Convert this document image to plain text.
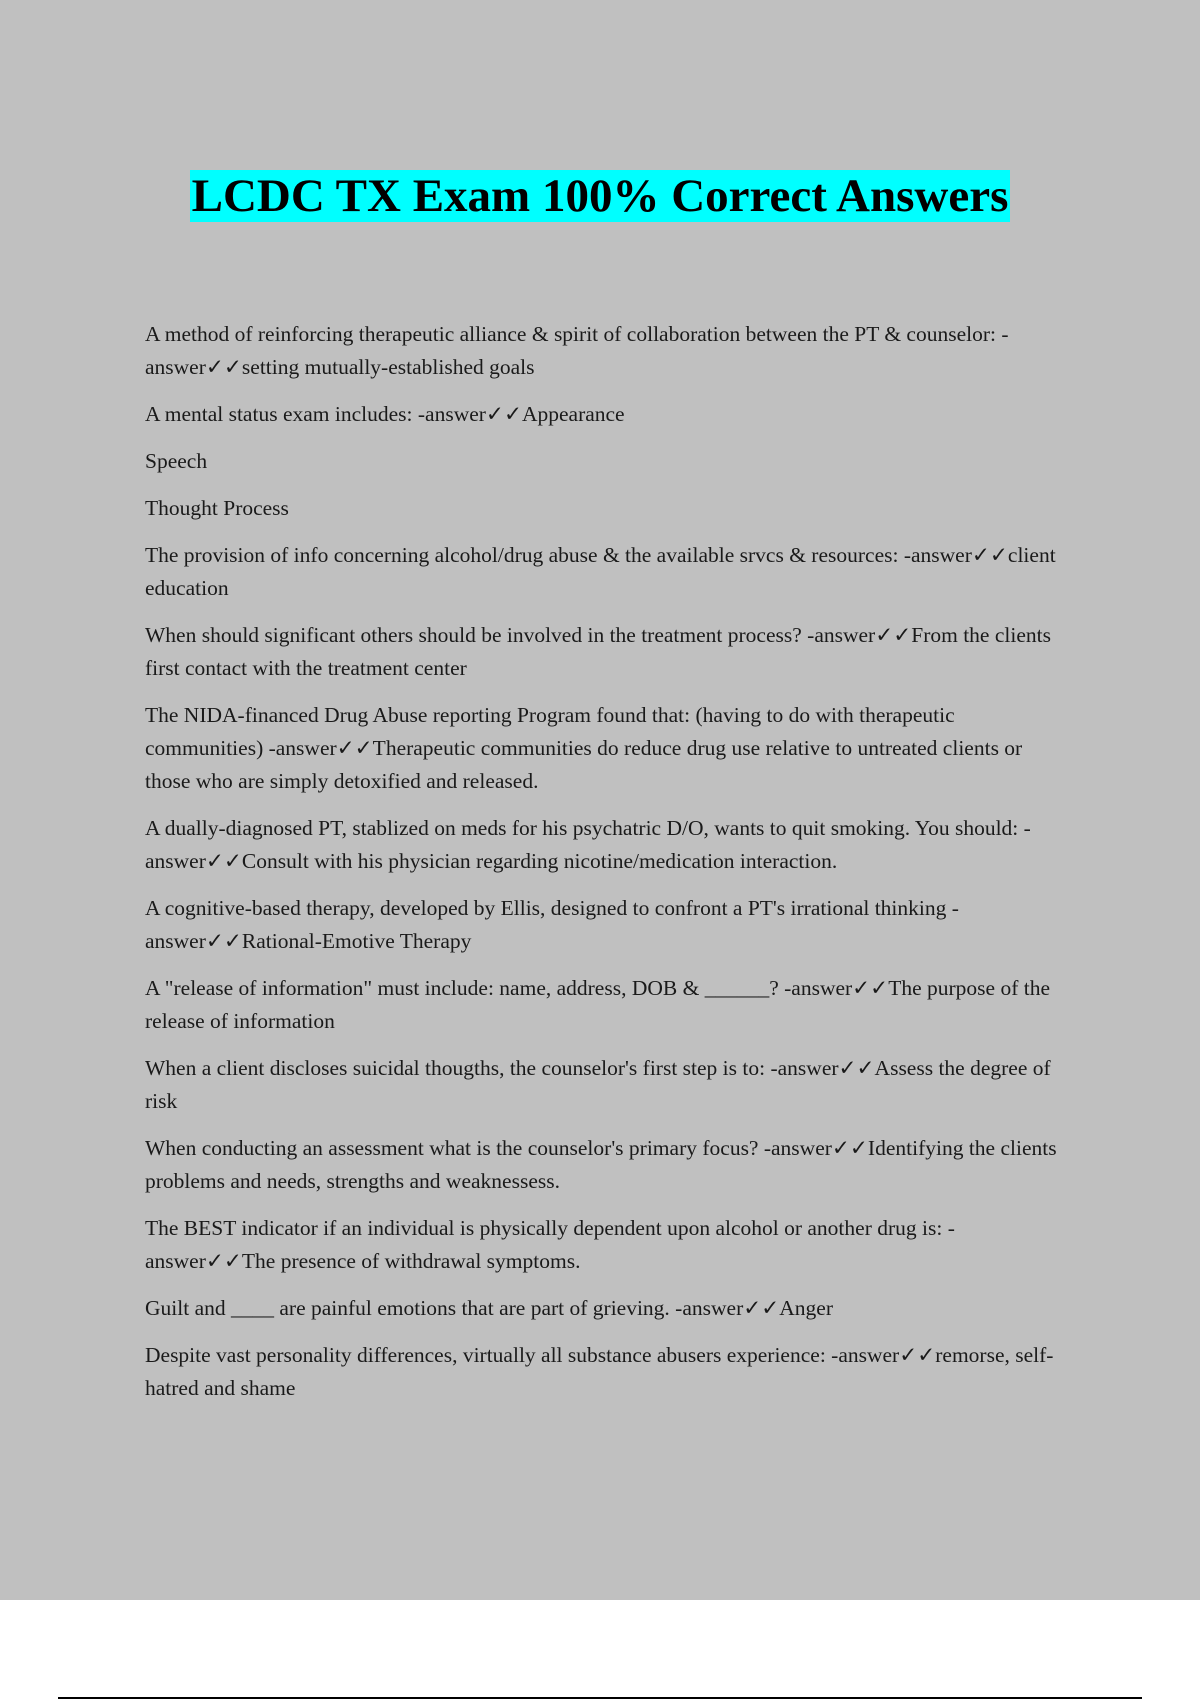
LCDC TX Exam 100% Correct Answers

A method of reinforcing therapeutic alliance & spirit of collaboration between the PT & counselor: -answer✓✓setting mutually-established goals

A mental status exam includes: -answer✓✓Appearance

Speech

Thought Process

The provision of info concerning alcohol/drug abuse & the available srvcs & resources: -answer✓✓client education

When should significant others should be involved in the treatment process? -answer✓✓From the clients first contact with the treatment center

The NIDA-financed Drug Abuse reporting Program found that: (having to do with therapeutic communities) -answer✓✓Therapeutic communities do reduce drug use relative to untreated clients or those who are simply detoxified and released.

A dually-diagnosed PT, stablized on meds for his psychatric D/O, wants to quit smoking. You should: -answer✓✓Consult with his physician regarding nicotine/medication interaction.

A cognitive-based therapy, developed by Ellis, designed to confront a PT's irrational thinking -answer✓✓Rational-Emotive Therapy

A "release of information" must include: name, address, DOB & ______? -answer✓✓The purpose of the release of information

When a client discloses suicidal thougths, the counselor's first step is to: -answer✓✓Assess the degree of risk

When conducting an assessment what is the counselor's primary focus? -answer✓✓Identifying the clients problems and needs, strengths and weaknessess.

The BEST indicator if an individual is physically dependent upon alcohol or another drug is: -answer✓✓The presence of withdrawal symptoms.

Guilt and ____ are painful emotions that are part of grieving. -answer✓✓Anger

Despite vast personality differences, virtually all substance abusers experience: -answer✓✓remorse, self-hatred and shame
